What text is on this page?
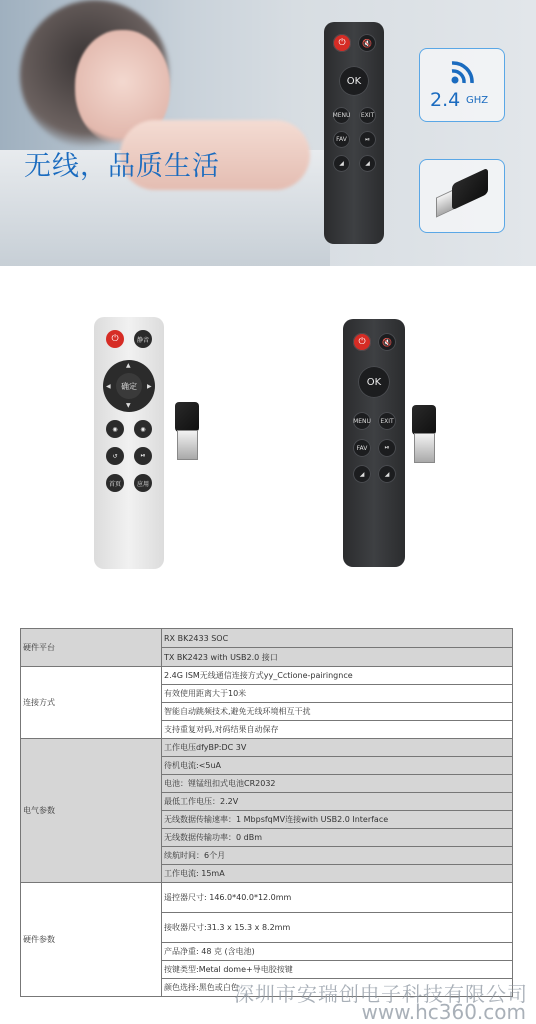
无线，品质生活
⏻ 🔇
OK
MENU	EXIT
FAV	⏯
◢	◢
2.4 GHZ
⏻	静音
确定
▲
▼
◀	▶
◉	◉
↺	⏯
首页	应用
⏻ 🔇
OK
MENU	EXIT
FAV	⏯
◢	◢
硬件平台	RX BK2433 SOC
	TX BK2423 with USB2.0 接口
连接方式	2.4G ISM无线通信连接方式yy_Cctione-pairingnce
	有效使用距离大于10米
	智能自动跳频技术,避免无线环境相互干扰
	支持重复对码,对码结果自动保存
电气参数	工作电压dfyBP:DC 3V
	待机电流:<5uA
	电池：锂锰纽扣式电池CR2032
	最低工作电压：2.2V
	无线数据传输速率：1 MbpsfqMV连接with USB2.0 Interface
	无线数据传输功率：0 dBm
	续航时间：6个月
	工作电流: 15mA
硬件参数	遥控器尺寸: 146.0*40.0*12.0mm
	接收器尺寸:31.3 x 15.3 x 8.2mm
	产品净重: 48 克 (含电池)
	按键类型:Metal dome+导电胶按键
	颜色选择:黑色或白色
深圳市安瑞创电子科技有限公司
www.hc360.com
